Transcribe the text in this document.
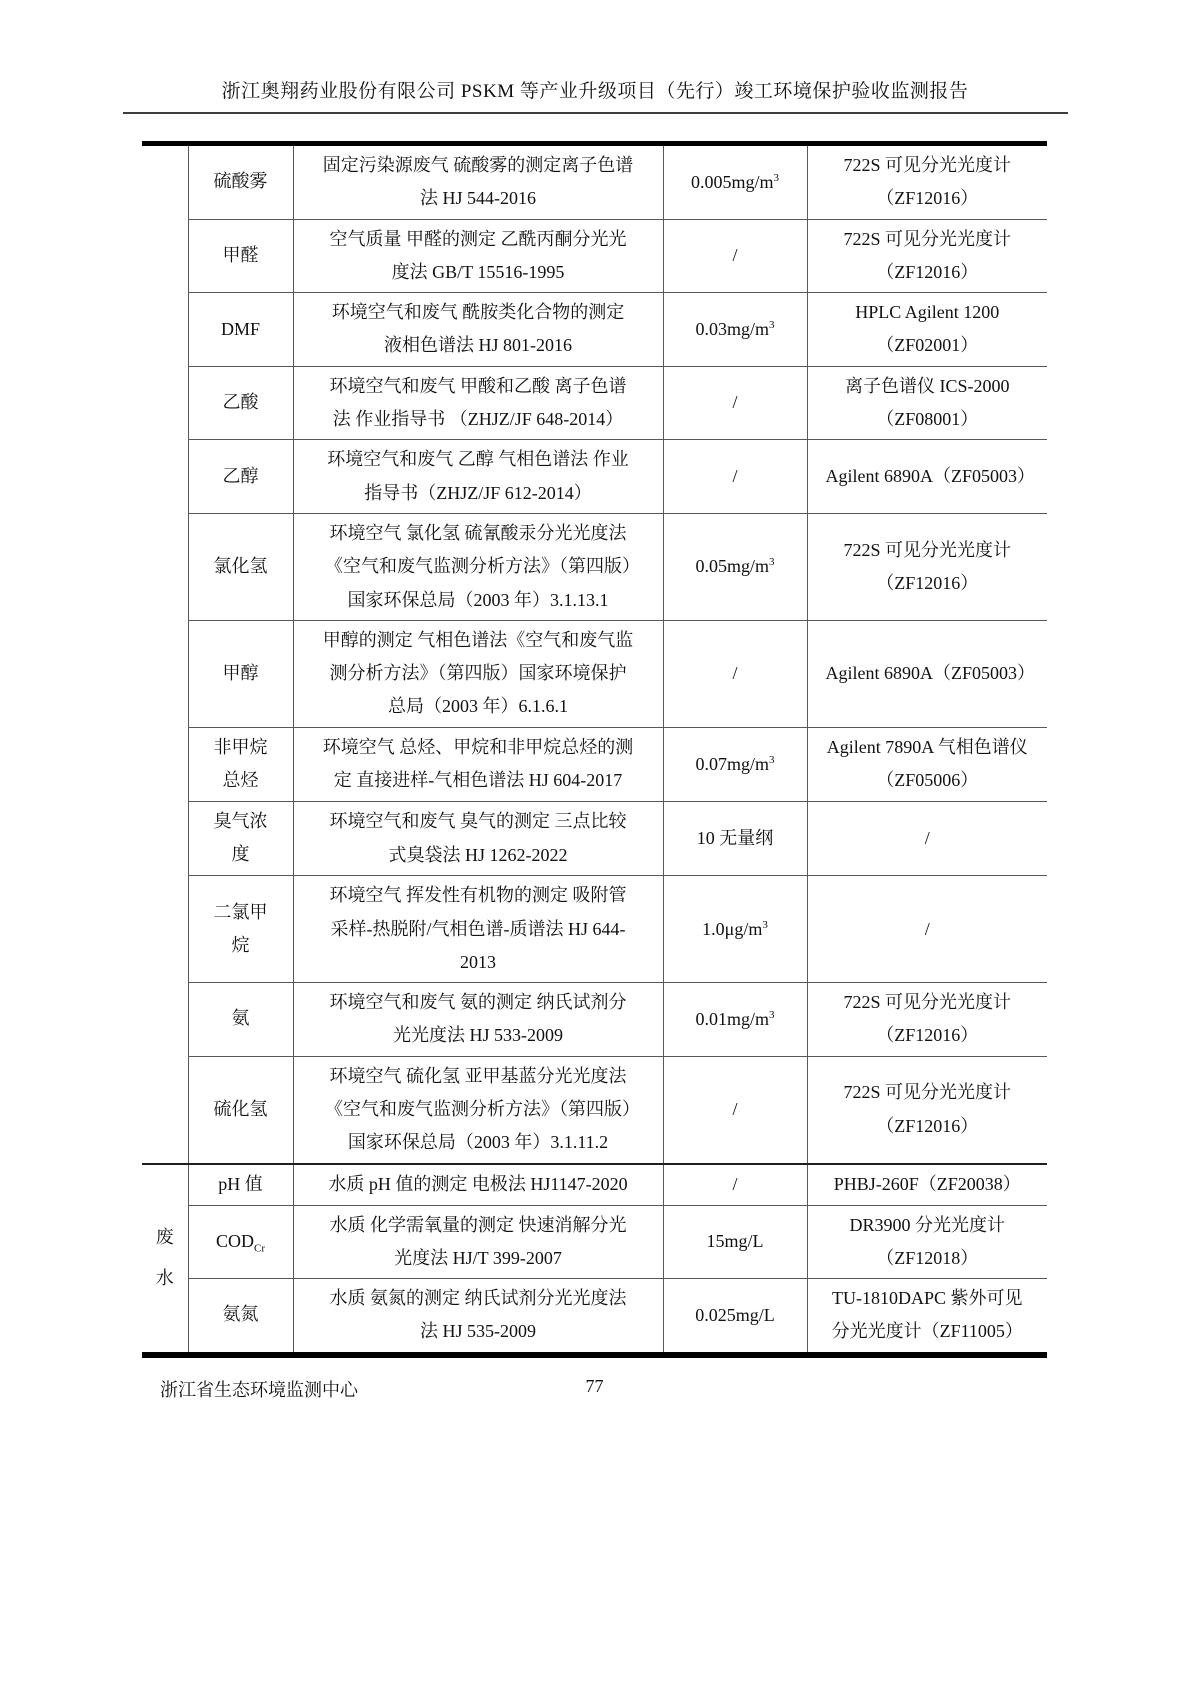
浙江奥翔药业股份有限公司 PSKM 等产业升级项目（先行）竣工环境保护验收监测报告
	硫酸雾	固定污染源废气 硫酸雾的测定离子色谱法 HJ 544-2016	$0.005mg/m^3$	722S 可见分光光度计（ZF12016）
	甲醛	空气质量 甲醛的测定 乙酰丙酮分光光度法 GB/T 15516-1995	/	722S 可见分光光度计（ZF12016）
	DMF	环境空气和废气 酰胺类化合物的测定 液相色谱法 HJ 801-2016	$0.03mg/m^3$	HPLC Agilent 1200（ZF02001）
	乙酸	环境空气和废气 甲酸和乙酸 离子色谱法 作业指导书 （ZHJZ/JF 648-2014）	/	离子色谱仪 ICS-2000（ZF08001）
	乙醇	环境空气和废气 乙醇 气相色谱法 作业指导书（ZHJZ/JF 612-2014）	/	Agilent 6890A（ZF05003）
	氯化氢	环境空气 氯化氢 硫氰酸汞分光光度法《空气和废气监测分析方法》（第四版）国家环保总局（2003 年）3.1.13.1	$0.05mg/m^3$	722S 可见分光光度计（ZF12016）
	甲醇	甲醇的测定 气相色谱法《空气和废气监测分析方法》（第四版）国家环境保护总局（2003 年）6.1.6.1	/	Agilent 6890A（ZF05003）
	非甲烷总烃	环境空气 总烃、甲烷和非甲烷总烃的测定 直接进样-气相色谱法 HJ 604-2017	$0.07mg/m^3$	Agilent 7890A 气相色谱仪（ZF05006）
	臭气浓度	环境空气和废气 臭气的测定 三点比较式臭袋法 HJ 1262-2022	10 无量纲	/
	二氯甲烷	环境空气 挥发性有机物的测定 吸附管采样-热脱附/气相色谱-质谱法 HJ 644-2013	$1.0\mu g/m^3$	/
	氨	环境空气和废气 氨的测定 纳氏试剂分光光度法 HJ 533-2009	$0.01mg/m^3$	722S 可见分光光度计（ZF12016）
	硫化氢	环境空气 硫化氢 亚甲基蓝分光光度法《空气和废气监测分析方法》（第四版）国家环保总局（2003 年）3.1.11.2	/	722S 可见分光光度计（ZF12016）
废水	pH 值	水质 pH 值的测定 电极法 HJ1147-2020	/	PHBJ-260F（ZF20038）
	$COD_{Cr}$	水质 化学需氧量的测定 快速消解分光光度法 HJ/T 399-2007	15mg/L	DR3900 分光光度计（ZF12018）
	氨氮	水质 氨氮的测定 纳氏试剂分光光度法 法 HJ 535-2009	0.025mg/L	TU-1810DAPC 紫外可见分光光度计（ZF11005）
浙江省生态环境监测中心	77
